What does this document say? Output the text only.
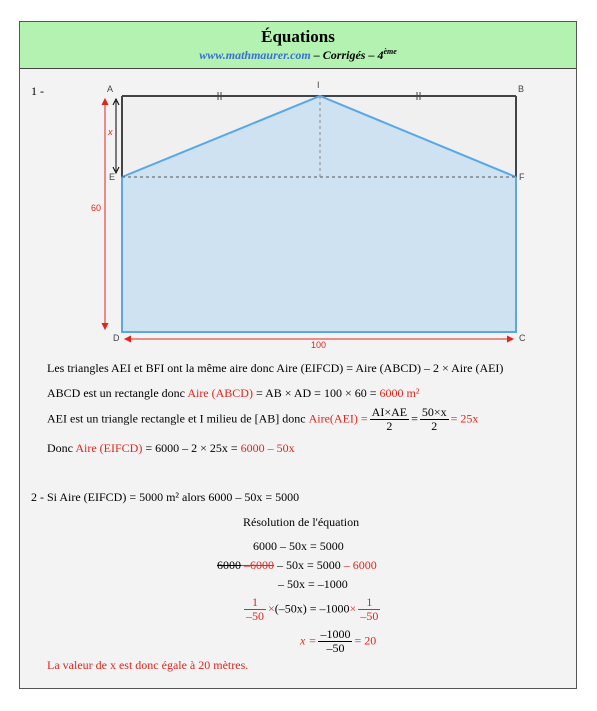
Équations
www.mathmaurer.com – Corrigés – 4ème
1 -	A	B
I
E	F
D	C
x
60
100
Les triangles AEI et BFI ont la même aire donc Aire (EIFCD) = Aire (ABCD) – 2 × Aire (AEI)
ABCD est un rectangle donc Aire (ABCD) = AB × AD = 100 × 60 = 6000 m²
AEI est un triangle rectangle et I milieu de [AB] donc Aire(AEI) = $\frac{AI\times AE}{2} = \frac{50\times x}{2} = 25x$
Donc Aire (EIFCD) = 6000 – 2 × 25x = 6000 – 50x
2 - Si Aire (EIFCD) = 5000 m² alors 6000 – 50x = 5000
Résolution de l'équation
6000 – 50x = 5000
6000 –6000 – 50x = 5000 – 6000
– 50x = –1000
$\frac{1}{-50} \times(-50x) = -1000\times \frac{1}{-50}$
$x = \frac{-1000}{-50} = 20$
La valeur de x est donc égale à 20 mètres.
